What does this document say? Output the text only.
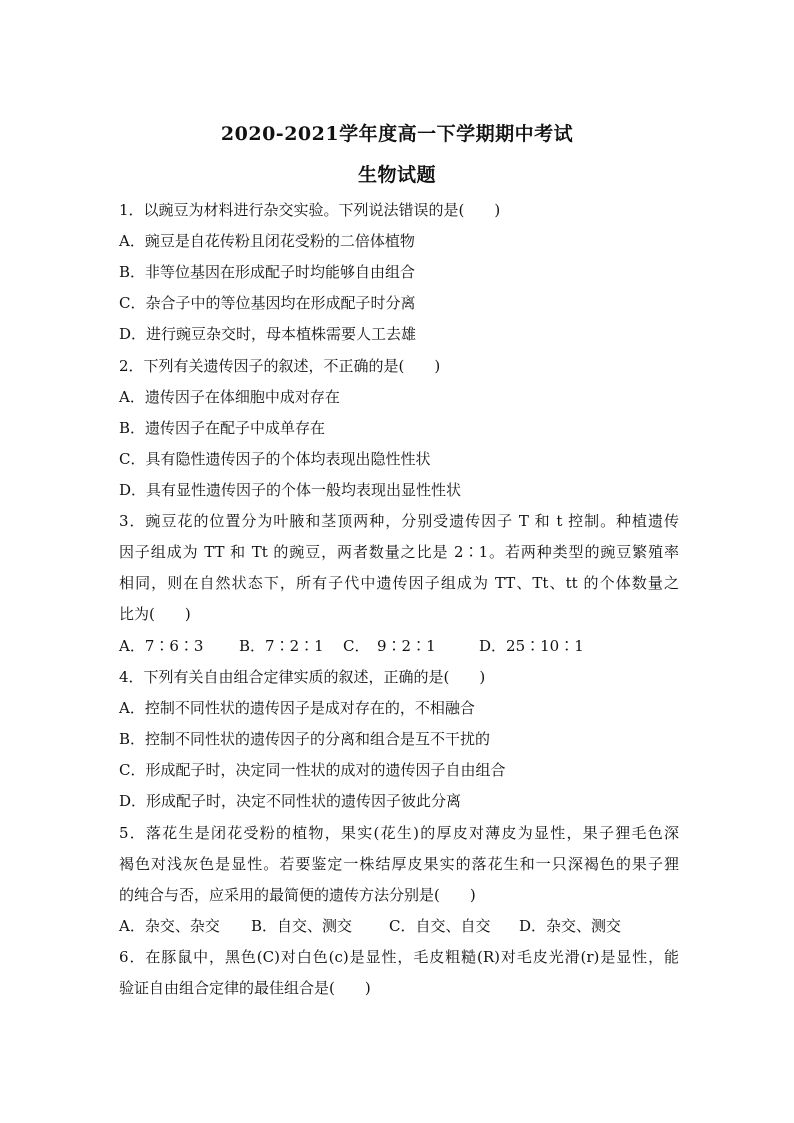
2020-2021学年度高一下学期期中考试
生物试题
1．以豌豆为材料进行杂交实验。下列说法错误的是(　　)
A．豌豆是自花传粉且闭花受粉的二倍体植物
B．非等位基因在形成配子时均能够自由组合
C．杂合子中的等位基因均在形成配子时分离
D．进行豌豆杂交时，母本植株需要人工去雄
2．下列有关遗传因子的叙述，不正确的是(　　)
A．遗传因子在体细胞中成对存在
B．遗传因子在配子中成单存在
C．具有隐性遗传因子的个体均表现出隐性性状
D．具有显性遗传因子的个体一般均表现出显性性状
3．豌豆花的位置分为叶腋和茎顶两种，分别受遗传因子 T 和 t 控制。种植遗传
因子组成为 TT 和 Tt 的豌豆，两者数量之比是 2∶1。若两种类型的豌豆繁殖率
相同，则在自然状态下，所有子代中遗传因子组成为 TT、Tt、tt 的个体数量之
比为(　　)
A．7∶6∶3 B．7∶2∶1 C．　9∶2∶1	D．25∶10∶1
4．下列有关自由组合定律实质的叙述，正确的是(　　)
A．控制不同性状的遗传因子是成对存在的，不相融合
B．控制不同性状的遗传因子的分离和组合是互不干扰的
C．形成配子时，决定同一性状的成对的遗传因子自由组合
D．形成配子时，决定不同性状的遗传因子彼此分离
5．落花生是闭花受粉的植物，果实(花生)的厚皮对薄皮为显性，果子狸毛色深
褐色对浅灰色是显性。若要鉴定一株结厚皮果实的落花生和一只深褐色的果子狸
的纯合与否，应采用的最简便的遗传方法分别是(　　)
A．杂交、杂交 B．自交、测交 C．自交、自交 D．杂交、测交
6．在豚鼠中，黑色(C)对白色(c)是显性，毛皮粗糙(R)对毛皮光滑(r)是显性，能
验证自由组合定律的最佳组合是(　　)
